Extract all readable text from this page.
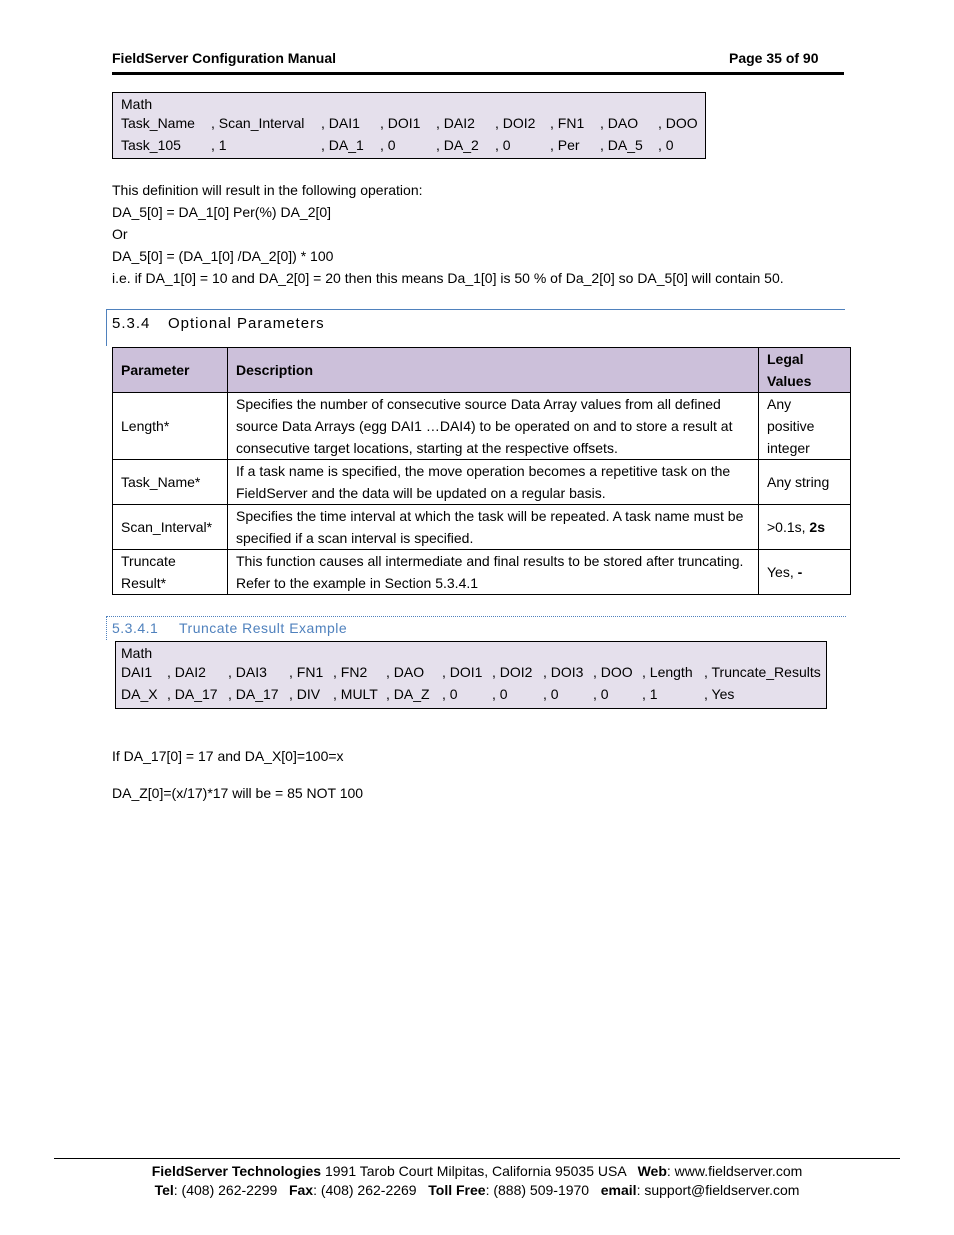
FieldServer Configuration Manual	Page 35 of 90
Math
Task_Name , Scan_Interval , DAI1 , DOI1 , DAI2 , DOI2 , FN1 , DAO , DOO
Task_105 , 1	, DA_1 , 0	, DA_2 , 0	, Per , DA_5 , 0
This definition will result in the following operation:
DA_5[0] = DA_1[0] Per(%) DA_2[0]
Or
DA_5[0] = (DA_1[0] /DA_2[0]) * 100
i.e. if DA_1[0] = 10 and DA_2[0] = 20 then this means Da_1[0] is 50 % of Da_2[0] so DA_5[0] will contain 50.
5.3.4 Optional Parameters
Parameter	Description	Legal
Values
Length*	Specifies the number of consecutive source Data Array values from all defined source Data Arrays (egg DAI1 …DAI4) to be operated on and to store a result at consecutive target locations, starting at the respective offsets.	Any positive integer
Task_Name*	If a task name is specified, the move operation becomes a repetitive task on the FieldServer and the data will be updated on a regular basis.	Any string
Scan_Interval*	Specifies the time interval at which the task will be repeated. A task name must be specified if a scan interval is specified.	>0.1s, 2s
Truncate Result*	This function causes all intermediate and final results to be stored after truncating. Refer to the example in Section 5.3.4.1	Yes, -
5.3.4.1 Truncate Result Example
Math
DAI1 , DAI2 , DAI3 , FN1 , FN2 , DAO , DOI1 , DOI2 , DOI3 , DOO , Length , Truncate_Results
DA_X , DA_17 , DA_17 , DIV , MULT , DA_Z , 0 , 0	, 0 , 0 , 1	, Yes
If DA_17[0] = 17 and DA_X[0]=100=x
DA_Z[0]=(x/17)*17 will be = 85 NOT 100
FieldServer Technologies 1991 Tarob Court Milpitas, California 95035 USA   Web: www.fieldserver.com
Tel: (408) 262-2299   Fax: (408) 262-2269   Toll Free: (888) 509-1970   email: support@fieldserver.com
